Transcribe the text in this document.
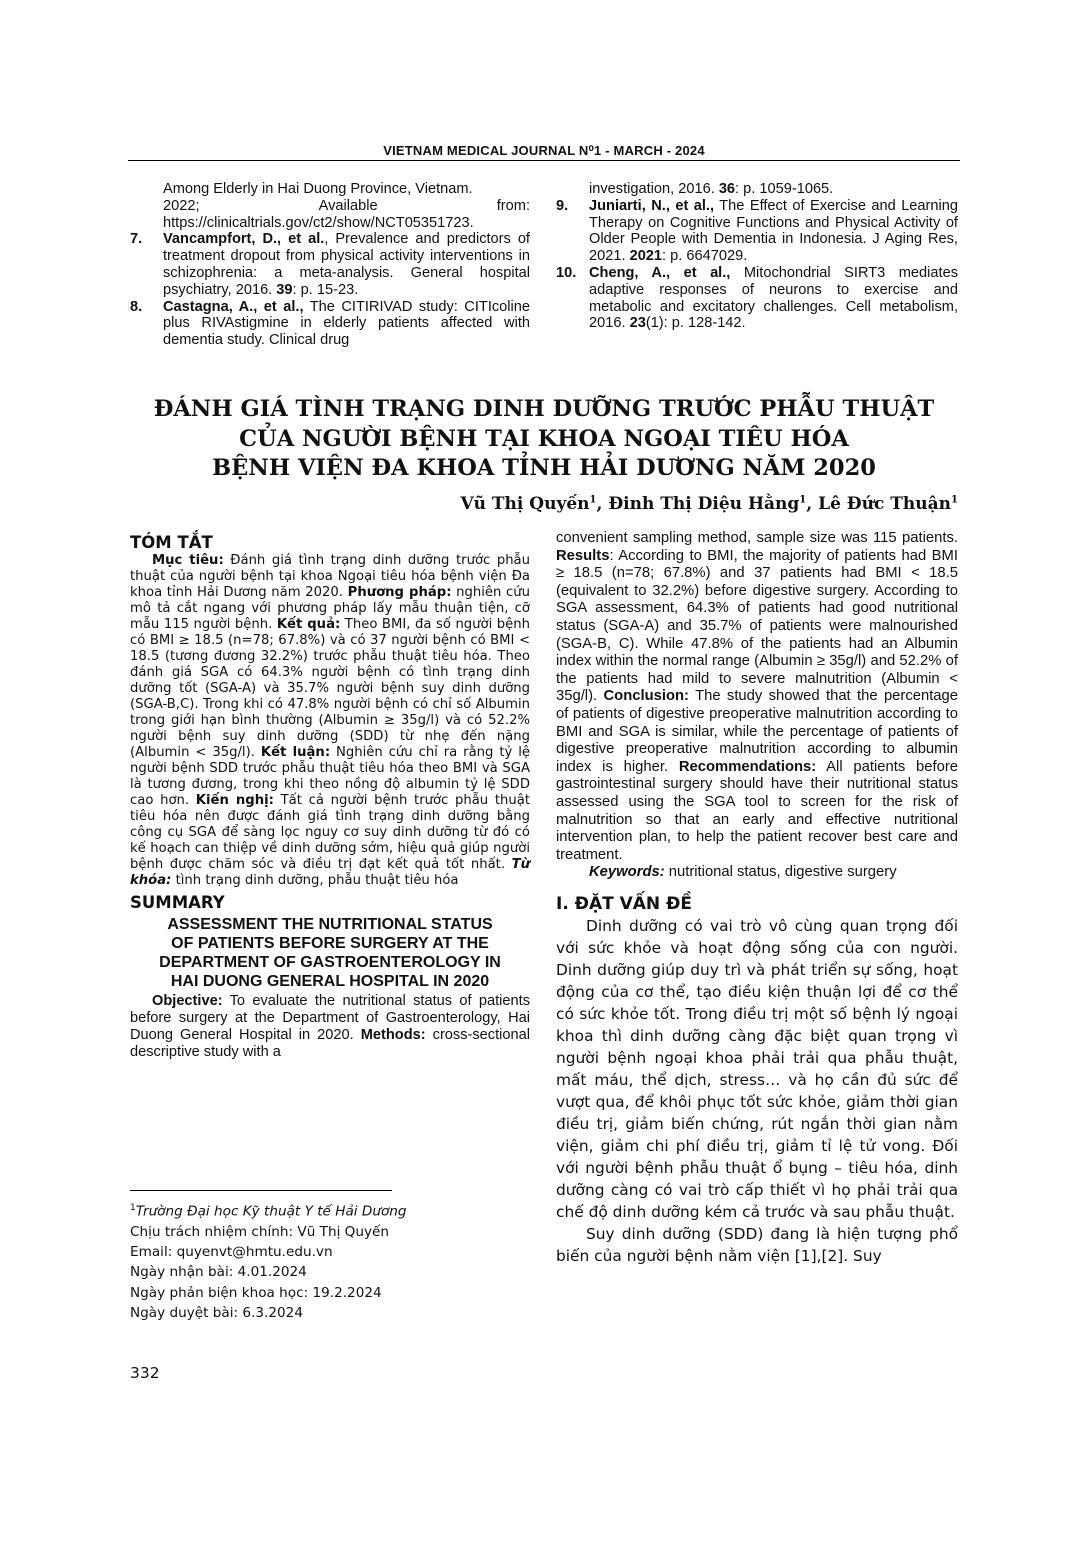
VIETNAM MEDICAL JOURNAL N⁰1 - MARCH - 2024
Among Elderly in Hai Duong Province, Vietnam.
2022;	Available	from:
https://clinicaltrials.gov/ct2/show/NCT05351723.
7. Vancampfort, D., et al., Prevalence and predictors of treatment dropout from physical activity interventions in schizophrenia: a meta-analysis. General hospital psychiatry, 2016. 39: p. 15-23.
8. Castagna, A., et al., The CITIRIVAD study: CITIcoline plus RIVAstigmine in elderly patients affected with dementia study. Clinical drug
investigation, 2016. 36: p. 1059-1065.
9. Juniarti, N., et al., The Effect of Exercise and Learning Therapy on Cognitive Functions and Physical Activity of Older People with Dementia in Indonesia. J Aging Res, 2021. 2021: p. 6647029.
10. Cheng, A., et al., Mitochondrial SIRT3 mediates adaptive responses of neurons to exercise and metabolic and excitatory challenges. Cell metabolism, 2016. 23(1): p. 128-142.
ĐÁNH GIÁ TÌNH TRẠNG DINH DƯỠNG TRƯỚC PHẪU THUẬT
CỦA NGƯỜI BỆNH TẠI KHOA NGOẠI TIÊU HÓA
BỆNH VIỆN ĐA KHOA TỈNH HẢI DƯƠNG NĂM 2020
Vũ Thị Quyến$^1$, Đinh Thị Diệu Hằng$^1$, Lê Đức Thuận$^1$
TÓM TẮT

Mục tiêu: Đánh giá tình trạng dinh dưỡng trước phẫu thuật của người bệnh tại khoa Ngoại tiêu hóa bệnh viện Đa khoa tỉnh Hải Dương năm 2020. Phương pháp: nghiên cứu mô tả cắt ngang với phương pháp lấy mẫu thuận tiện, cỡ mẫu 115 người bệnh. Kết quả: Theo BMI, đa số người bệnh có BMI ≥ 18.5 (n=78; 67.8%) và có 37 người bệnh có BMI < 18.5 (tương đương 32.2%) trước phẫu thuật tiêu hóa. Theo đánh giá SGA có 64.3% người bệnh có tình trạng dinh dưỡng tốt (SGA-A) và 35.7% người bệnh suy dinh dưỡng (SGA-B,C). Trong khi có 47.8% người bệnh có chỉ số Albumin trong giới hạn bình thường (Albumin ≥ 35g/l) và có 52.2% người bệnh suy dinh dưỡng (SDD) từ nhẹ đến nặng (Albumin < 35g/l). Kết luận: Nghiên cứu chỉ ra rằng tỷ lệ người bệnh SDD trước phẫu thuật tiêu hóa theo BMI và SGA là tương đương, trong khi theo nồng độ albumin tỷ lệ SDD cao hơn. Kiến nghị: Tất cả người bệnh trước phẫu thuật tiêu hóa nên được đánh giá tình trạng dinh dưỡng bằng công cụ SGA để sàng lọc nguy cơ suy dinh dưỡng từ đó có kế hoạch can thiệp về dinh dưỡng sớm, hiệu quả giúp người bệnh được chăm sóc và điều trị đạt kết quả tốt nhất. Từ khóa: tình trạng dinh dưỡng, phẫu thuật tiêu hóa

SUMMARY
ASSESSMENT THE NUTRITIONAL STATUS
OF PATIENTS BEFORE SURGERY AT THE
DEPARTMENT OF GASTROENTEROLOGY IN
HAI DUONG GENERAL HOSPITAL IN 2020

Objective: To evaluate the nutritional status of patients before surgery at the Department of Gastroenterology, Hai Duong General Hospital in 2020. Methods: cross-sectional descriptive study with a

convenient sampling method, sample size was 115 patients. Results: According to BMI, the majority of patients had BMI ≥ 18.5 (n=78; 67.8%) and 37 patients had BMI < 18.5 (equivalent to 32.2%) before digestive surgery. According to SGA assessment, 64.3% of patients had good nutritional status (SGA-A) and 35.7% of patients were malnourished (SGA-B, C). While 47.8% of the patients had an Albumin index within the normal range (Albumin ≥ 35g/l) and 52.2% of the patients had mild to severe malnutrition (Albumin < 35g/l). Conclusion: The study showed that the percentage of patients of digestive preoperative malnutrition according to BMI and SGA is similar, while the percentage of patients of digestive preoperative malnutrition according to albumin index is higher. Recommendations: All patients before gastrointestinal surgery should have their nutritional status assessed using the SGA tool to screen for the risk of malnutrition so that an early and effective nutritional intervention plan, to help the patient recover best care and treatment.
Keywords: nutritional status, digestive surgery
I. ĐẶT VẤN ĐỀ

Dinh dưỡng có vai trò vô cùng quan trọng đối với sức khỏe và hoạt động sống của con người. Dinh dưỡng giúp duy trì và phát triển sự sống, hoạt động của cơ thể, tạo điều kiện thuận lợi để cơ thể có sức khỏe tốt. Trong điều trị một số bệnh lý ngoại khoa thì dinh dưỡng càng đặc biệt quan trọng vì người bệnh ngoại khoa phải trải qua phẫu thuật, mất máu, thể dịch, stress… và họ cần đủ sức để vượt qua, để khôi phục tốt sức khỏe, giảm thời gian điều trị, giảm biến chứng, rút ngắn thời gian nằm viện, giảm chi phí điều trị, giảm tỉ lệ tử vong. Đối với người bệnh phẫu thuật ổ bụng – tiêu hóa, dinh dưỡng càng có vai trò cấp thiết vì họ phải trải qua chế độ dinh dưỡng kém cả trước và sau phẫu thuật.

Suy dinh dưỡng (SDD) đang là hiện tượng phổ biến của người bệnh nằm viện [1],[2]. Suy

$^1$Trường Đại học Kỹ thuật Y tế Hải Dương
Chịu trách nhiệm chính: Vũ Thị Quyến
Email: quyenvt@hmtu.edu.vn
Ngày nhận bài: 4.01.2024
Ngày phản biện khoa học: 19.2.2024
Ngày duyệt bài: 6.3.2024
332
